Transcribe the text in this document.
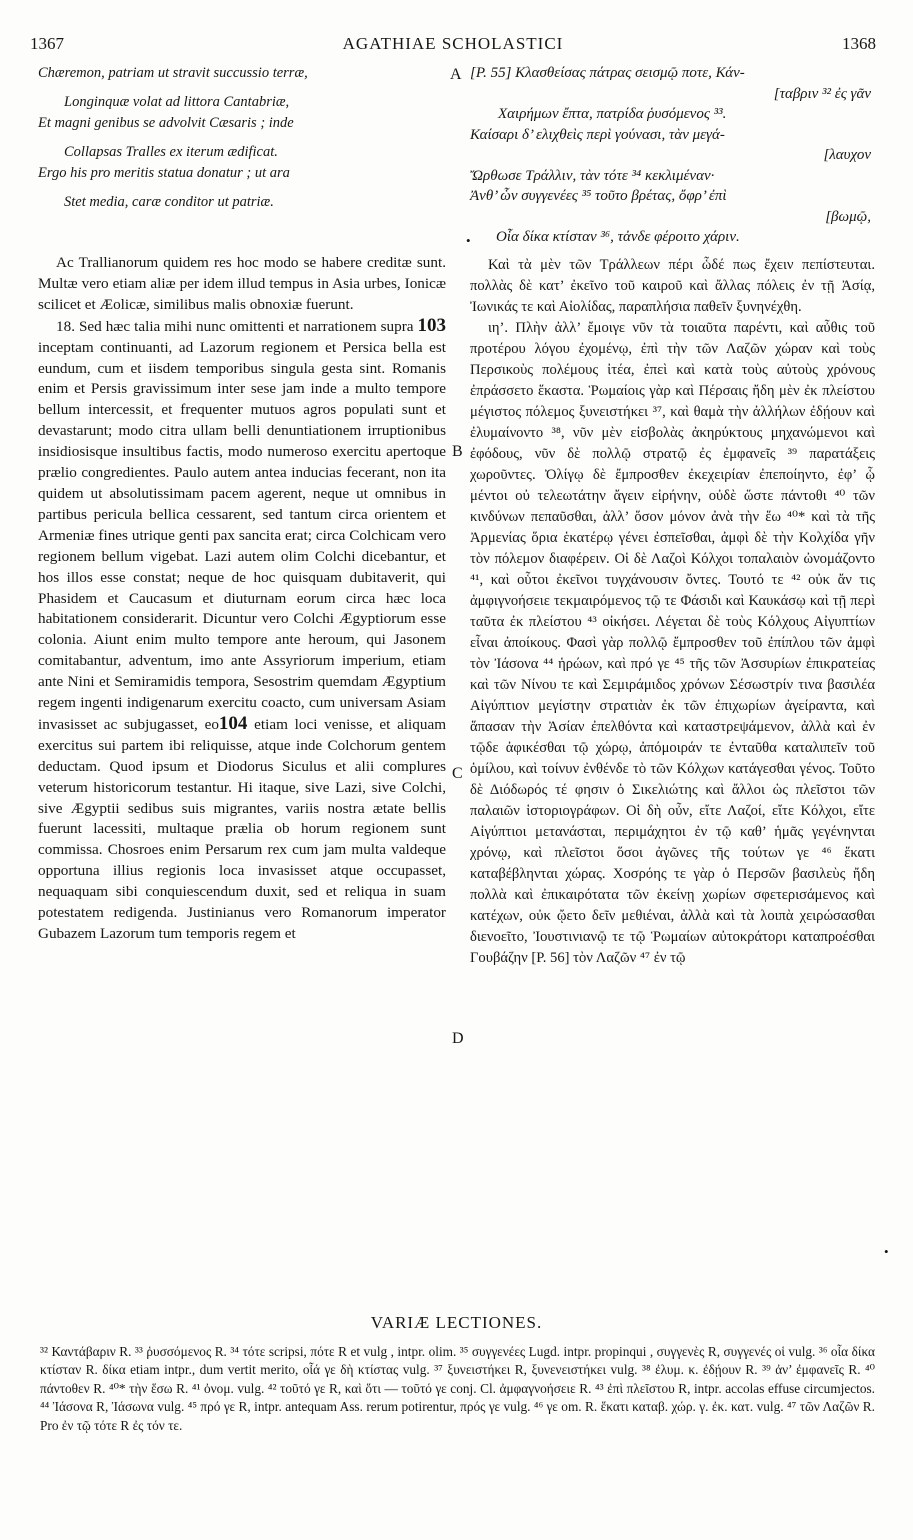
1367	AGATHIAE SCHOLASTICI	1368
Chæremon, patriam ut stravit succussio terræ,
Longinquæ volat ad littora Cantabriæ,
Et magni genibus se advolvit Cæsaris ; inde
Collapsas Tralles ex iterum ædificat.
Ergo his pro meritis statua donatur ; ut ara
Stet media, caræ conditor ut patriæ.
A [P. 55] Κλασθείσας πάτρας σεισμῷ ποτε, Κάν-
[ταβριν ³² ἐς γᾶν
Χαιρήμων ἔπτα, πατρίδα ῥυσόμενος ³³.
Καίσαρι δ’ ελιχθεὶς περὶ γούνασι, τὰν μεγά-
[λαυχον
Ὤρθωσε Τράλλιν, τὰν τότε ³⁴ κεκλιμέναν·
Ἀνθ’ ὧν συγγενέες ³⁵ τοῦτο βρέτας, ὄφρ’ ἐπὶ
[βωμῷ,
Οἷα δίκα κτίσταν ³⁶, τἀνδε φέροιτο χάριν.
•

Ac Trallianorum quidem res hoc modo se habere creditæ sunt. Multæ vero etiam aliæ per idem illud tempus in Asia urbes, Ionicæ scilicet et Æolicæ, similibus malis obnoxiæ fuerunt.

18. Sed hæc talia mihi nunc omittenti et narrationem supra 103 inceptam continuanti, ad Lazorum regionem et Persica bella est eundum, cum et iisdem temporibus singula gesta sint. Romanis enim et Persis gravissimum inter sese jam inde a multo tempore bellum intercessit, et frequenter mutuos agros populati sunt et devastarunt; modo citra ullam belli denuntiationem irruptionibus insidiosisque insultibus factis, modo numeroso exercitu apertoque prælio congredientes. Paulo autem antea inducias fecerant, non ita quidem ut absolutissimam pacem agerent, neque ut omnibus in partibus pericula bellica cessarent, sed tantum circa orientem et Armeniæ fines utrique genti pax sancita erat; circa Colchicam vero regionem bellum vigebat. Lazi autem olim Colchi dicebantur, et hos illos esse constat; neque de hoc quisquam dubitaverit, qui Phasidem et Caucasum et diuturnam eorum circa hæc loca habitationem considerarit. Dicuntur vero Colchi Ægyptiorum esse colonia. Aiunt enim multo tempore ante heroum, qui Jasonem comitabantur, adventum, imo ante Assyriorum imperium, etiam ante Nini et Semiramidis tempora, Sesostrim quemdam Ægyptium regem ingenti indigenarum exercitu coacto, cum universam Asiam invasisset ac subjugasset, eo104 etiam loci venisse, et aliquam exercitus sui partem ibi reliquisse, atque inde Colchorum gentem deductam. Quod ipsum et Diodorus Siculus et alii complures veterum historicorum testantur. Hi itaque, sive Lazi, sive Colchi, sive Ægyptii sedibus suis migrantes, variis nostra ætate bellis fuerunt lacessiti, multaque prælia ob horum regionem sunt commissa. Chosroes enim Persarum rex cum jam multa valdeque opportuna illius regionis loca invasisset atque occupasset, nequaquam sibi conquiescendum duxit, sed et reliqua in suam potestatem redigenda. Justinianus vero Romanorum imperator Gubazem Lazorum tum temporis regem et

B
C
D

Καὶ τὰ μὲν τῶν Τράλλεων πέρι ὧδέ πως ἔχειν πεπίστευται. πολλὰς δὲ κατ’ ἐκεῖνο τοῦ καιροῦ καὶ ἄλλας πόλεις ἐν τῇ Ἀσίᾳ, Ἰωνικάς τε καὶ Αἰολίδας, παραπλήσια παθεῖν ξυνηνέχθη.

ιη’. Πλὴν ἀλλ’ ἔμοιγε νῦν τὰ τοιαῦτα παρέντι, καὶ αὖθις τοῦ προτέρου λόγου ἐχομένῳ, ἐπὶ τὴν τῶν Λαζῶν χώραν καὶ τοὺς Περσικοὺς πολέμους ἰτέα, ἐπεὶ καὶ κατὰ τοὺς αὐτοὺς χρόνους ἐπράσσετο ἕκαστα. Ῥωμαίοις γὰρ καὶ Πέρσαις ἤδη μὲν ἐκ πλείστου μέγιστος πόλεμος ξυνειστήκει ³⁷, καὶ θαμὰ τὴν ἀλλήλων ἐδῄουν καὶ ἐλυμαίνοντο ³⁸, νῦν μὲν εἰσβολὰς ἀκηρύκτους μηχανώμενοι καὶ ἐφόδους, νῦν δὲ πολλῷ στρατῷ ἐς ἐμφανεῖς ³⁹ παρατάξεις χωροῦντες. Ὀλίγῳ δὲ ἔμπροσθεν ἐκεχειρίαν ἐπεποίηντο, ἐφ’ ᾧ μέντοι οὐ τελεωτάτην ἄγειν εἰρήνην, οὐδὲ ὥστε πάντοθι ⁴⁰ τῶν κινδύνων πεπαῦσθαι, ἀλλ’ ὅσον μόνον ἀνὰ τὴν ἕω ⁴⁰* καὶ τὰ τῆς Ἀρμενίας ὅρια ἑκατέρῳ γένει ἐσπεῖσθαι, ἀμφὶ δὲ τὴν Κολχίδα γῆν τὸν πόλεμον διαφέρειν. Οἱ δὲ Λαζοὶ Κόλχοι τοπαλαιὸν ὠνομάζοντο ⁴¹, καὶ οὗτοι ἐκεῖνοι τυγχάνουσιν ὄντες. Τουτό τε ⁴² οὐκ ἄν τις ἀμφιγνοήσειε τεκμαιρόμενος τῷ τε Φάσιδι καὶ Καυκάσῳ καὶ τῇ περὶ ταῦτα ἐκ πλείστου ⁴³ οἰκήσει. Λέγεται δὲ τοὺς Κόλχους Αἰγυπτίων εἶναι ἀποίκους. Φασὶ γὰρ πολλῷ ἔμπροσθεν τοῦ ἐπίπλου τῶν ἀμφὶ τὸν Ἰάσονα ⁴⁴ ἡρώων, καὶ πρό γε ⁴⁵ τῆς τῶν Ἀσσυρίων ἐπικρατείας καὶ τῶν Νίνου τε καὶ Σεμιράμιδος χρόνων Σέσωστρίν τινα βασιλέα Αἰγύπτιον μεγίστην στρατιὰν ἐκ τῶν ἐπιχωρίων ἀγείραντα, καὶ ἅπασαν τὴν Ἀσίαν ἐπελθόντα καὶ καταστρεψάμενον, ἀλλὰ καὶ ἐν τῷδε ἀφικέσθαι τῷ χώρῳ, ἀπόμοιράν τε ἐνταῦθα καταλιπεῖν τοῦ ὁμίλου, καὶ τοίνυν ἐνθένδε τὸ τῶν Κόλχων κατάγεσθαι γένος. Τοῦτο δὲ Διόδωρός τέ φησιν ὁ Σικελιώτης καὶ ἄλλοι ὡς πλεῖστοι τῶν παλαιῶν ἱστοριογράφων. Οἱ δὴ οὖν, εἴτε Λαζοί, εἴτε Κόλχοι, εἴτε Αἰγύπτιοι μετανάσται, περιμάχητοι ἐν τῷ καθ’ ἡμᾶς γεγένηνται χρόνῳ, καὶ πλεῖστοι ὅσοι ἀγῶνες τῆς τούτων γε ⁴⁶ ἕκατι καταβέβληνται χώρας. Χοσρόης τε γὰρ ὁ Περσῶν βασιλεὺς ἤδη πολλὰ καὶ ἐπικαιρότατα τῶν ἐκείνῃ χωρίων σφετερισάμενος καὶ κατέχων, οὐκ ᾤετο δεῖν μεθιέναι, ἀλλὰ καὶ τὰ λοιπὰ χειρώσασθαι διενοεῖτο, Ἰουστινιανῷ τε τῷ Ῥωμαίων αὐτοκράτορι καταπροέσθαι Γουβάζην [P. 56] τὸν Λαζῶν ⁴⁷ ἐν τῷ

•
VARIÆ LECTIONES.
³² Καντάβαριν R. ³³ ῥυσσόμενος R. ³⁴ τότε scripsi, πότε R et vulg , intpr. olim. ³⁵ συγγενέες Lugd. intpr. propinqui , συγγενὲς R, συγγενές οἱ vulg. ³⁶ οἷα δίκα κτίσταν R. δίκα etiam intpr., dum vertit merito, οἷά γε δὴ κτίστας vulg. ³⁷ ξυνειστήκει R, ξυνενειστήκει vulg. ³⁸ ἐλυμ. κ. ἐδῄουν R. ³⁹ ἀν’ ἐμφανεῖς R. ⁴⁰ πάντοθεν R. ⁴⁰* τὴν ἕσω R. ⁴¹ ὀνομ. vulg. ⁴² τοῦτό γε R, καὶ ὅτι — τοῦτό γε conj. Cl. ἀμφαγνοήσειε R. ⁴³ ἐπὶ πλεῖστου R, intpr. accolas effuse circumjectos. ⁴⁴ Ἰάσονα R, Ἰάσωνα vulg. ⁴⁵ πρό γε R, intpr. antequam Ass. rerum potirentur, πρός γε vulg. ⁴⁶ γε om. R. ἕκατι καταβ. χώρ. γ. ἐκ. κατ. vulg. ⁴⁷ τῶν Λαζῶν R. Pro ἐν τῷ τότε R ἐς τόν τε.
